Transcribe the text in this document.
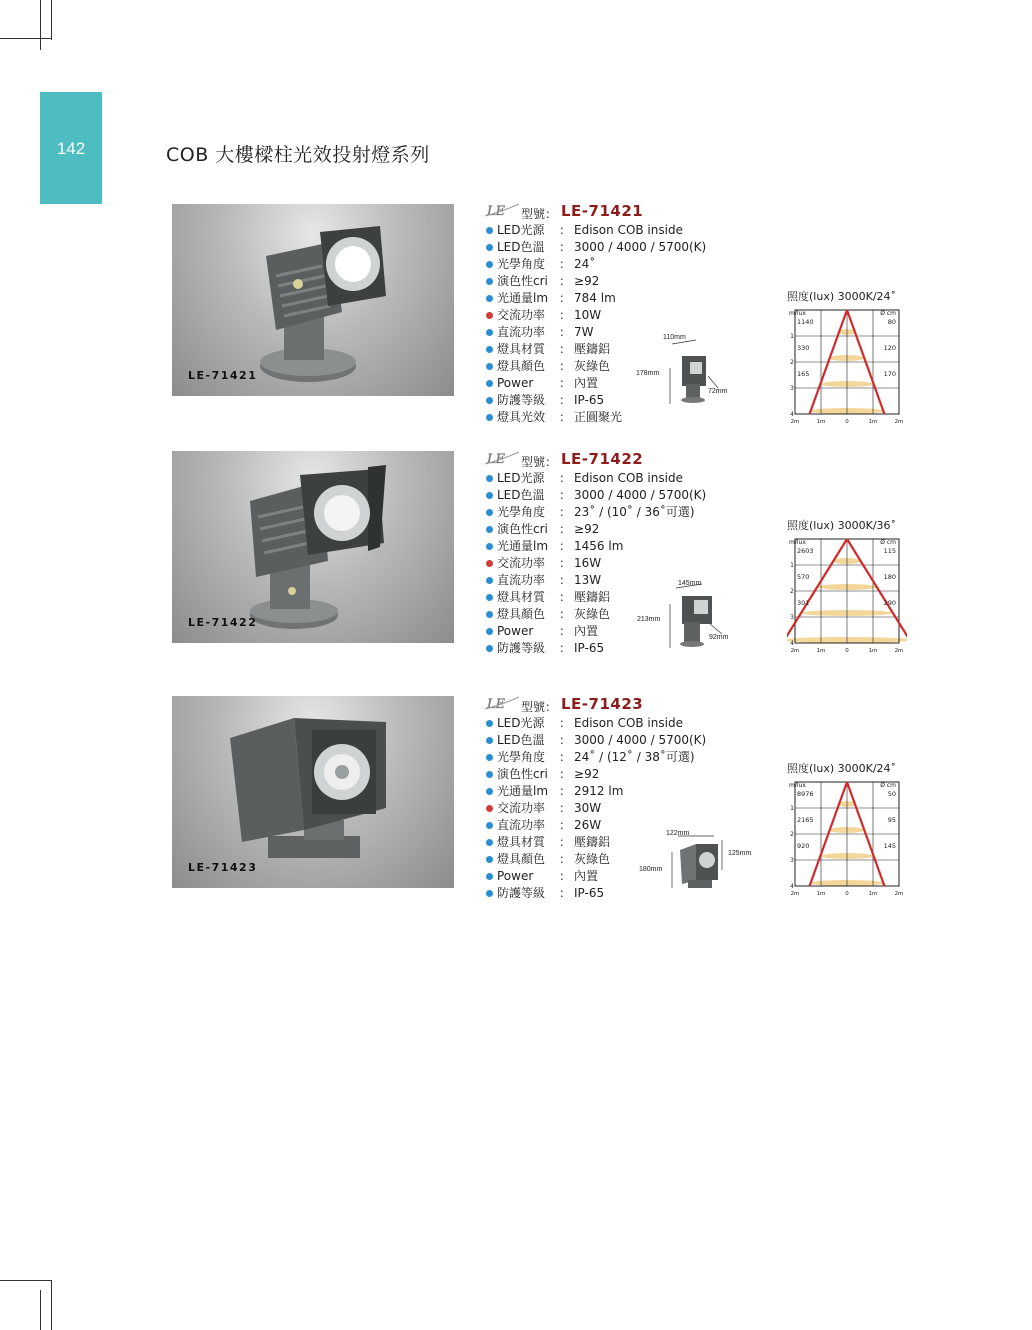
142	COB 大樓樑柱光效投射燈系列
LE-71421
LE 型號： LE-71421
LED光源 ： Edison COB inside
LED色溫 ： 3000 / 4000 / 5700(K)
光學角度 ： 24˚
演色性cri ： ≥92
光通量lm ： 784 lm
交流功率 ： 10W
直流功率 ： 7W
燈具材質 ： 壓鑄鋁
燈具顏色 ： 灰綠色
Power ： 內置
防護等級 ： IP-65
燈具光效 ： 正圓聚光
110mm
178mm
72mm
照度(lux) 3000K/24˚
m/lux	Ø cm
1140	80
330	120
165	170
1
2
3
4
2m	1m	0	1m	2m
LE-71422
LE 型號： LE-71422
LED光源 ： Edison COB inside
LED色溫 ： 3000 / 4000 / 5700(K)
光學角度 ： 23˚ / (10˚ / 36˚可選)
演色性cri ： ≥92
光通量lm ： 1456 lm
交流功率 ： 16W
直流功率 ： 13W
燈具材質 ： 壓鑄鋁
燈具顏色 ： 灰綠色
Power ： 內置
防護等級 ： IP-65
145mm
213mm
92mm
照度(lux) 3000K/36˚
m/lux	Ø cm
2603	115
570	180
301	290
1
2
3
4
2m	1m	0	1m	2m
LE-71423
LE 型號： LE-71423
LED光源 ： Edison COB inside
LED色溫 ： 3000 / 4000 / 5700(K)
光學角度 ： 24˚ / (12˚ / 38˚可選)
演色性cri ： ≥92
光通量lm ： 2912 lm
交流功率 ： 30W
直流功率 ： 26W
燈具材質 ： 壓鑄鋁
燈具顏色 ： 灰綠色
Power ： 內置
防護等級 ： IP-65
122mm
180mm
125mm
照度(lux) 3000K/24˚
m/lux	Ø cm
8976	50
2165	95
920	145
1
2
3
4
2m	1m	0	1m	2m
